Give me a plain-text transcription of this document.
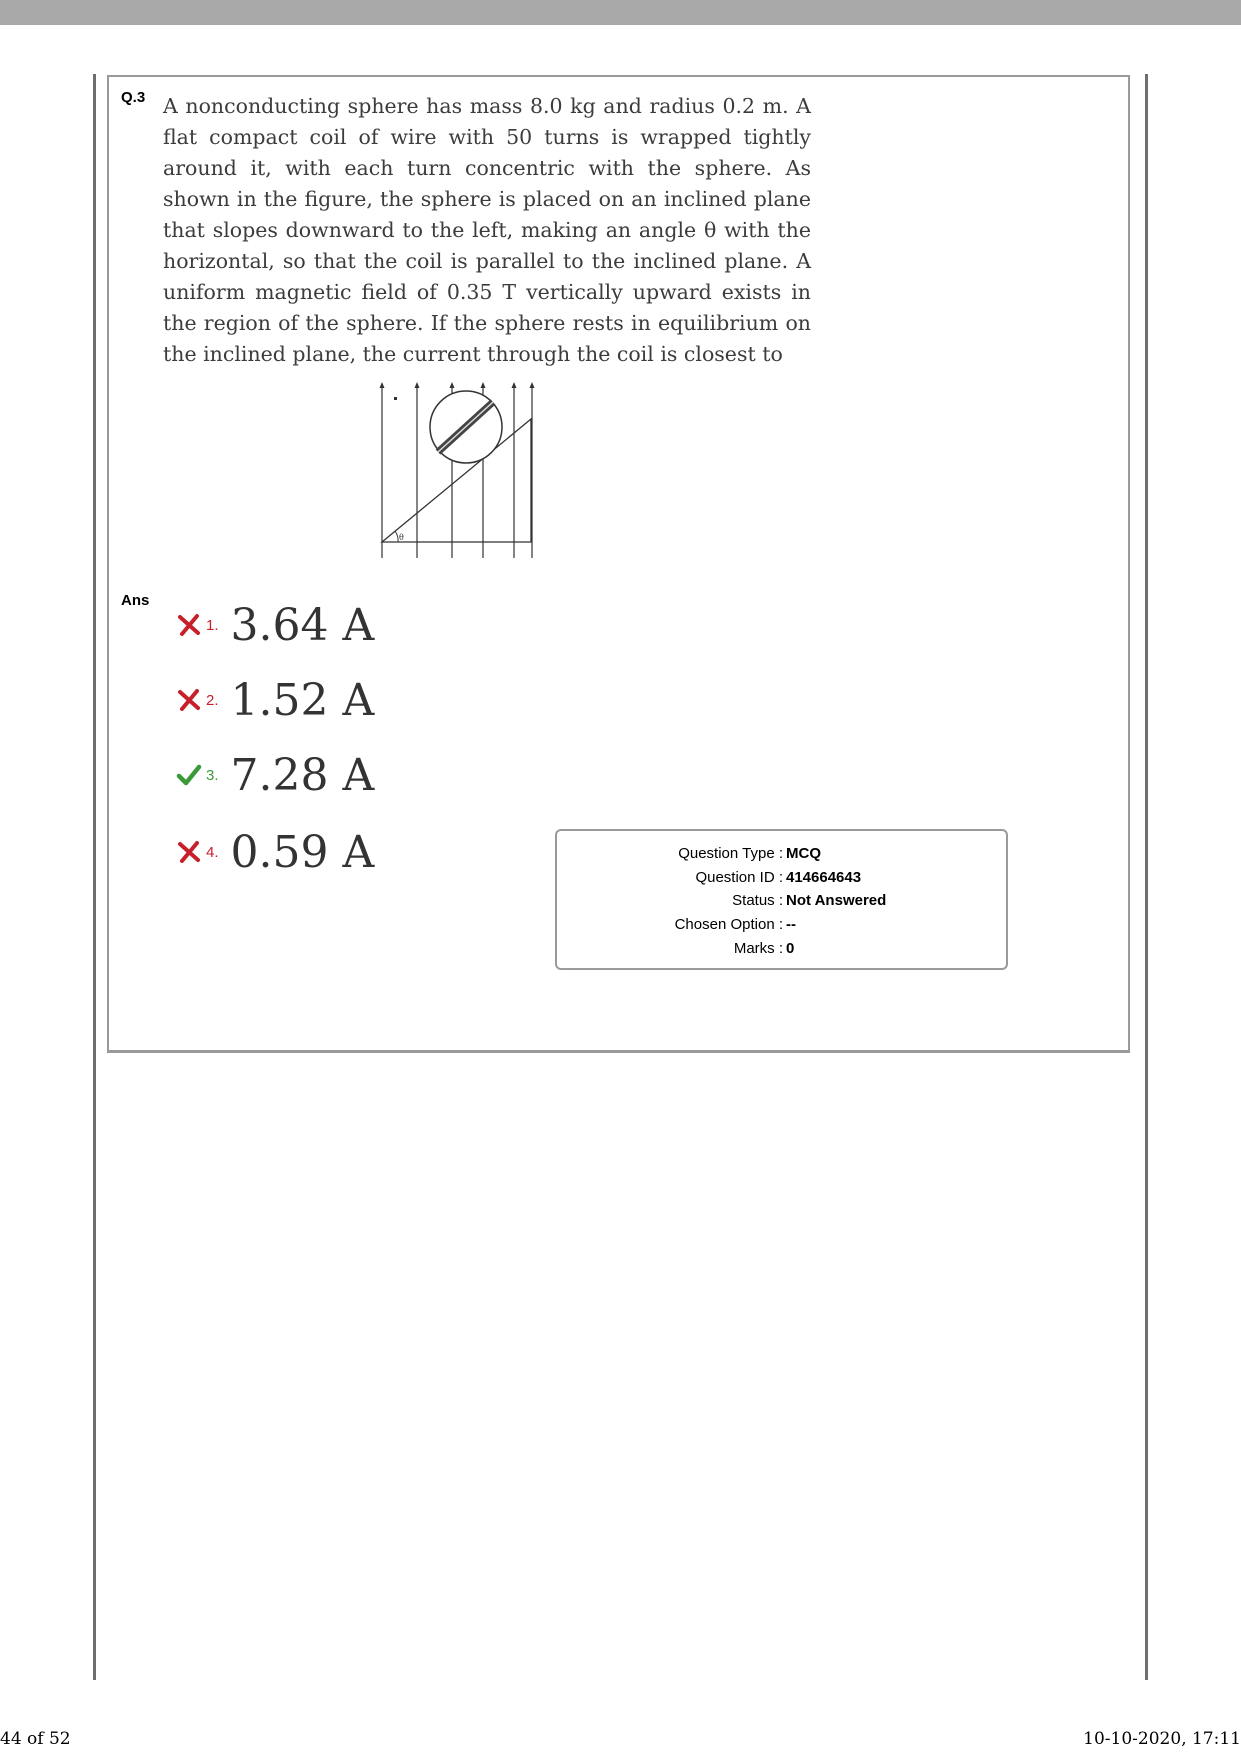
Q.3 A nonconducting sphere has mass 8.0 kg and radius 0.2 m. A flat compact coil of wire with 50 turns is wrapped tightly around it, with each turn concentric with the sphere. As shown in the figure, the sphere is placed on an inclined plane that slopes downward to the left, making an angle θ with the horizontal, so that the coil is parallel to the inclined plane. A uniform magnetic field of 0.35 T vertically upward exists in the region of the sphere. If the sphere rests in equilibrium on the inclined plane, the current through the coil is closest to
θ
Ans
1. 3.64 A
2. 1.52 A
3. 7.28 A
4. 0.59 A	Question Type : MCQ
Question ID : 414664643
Status : Not Answered
Chosen Option : --
Marks : 0
44 of 52	10-10-2020, 17:11
